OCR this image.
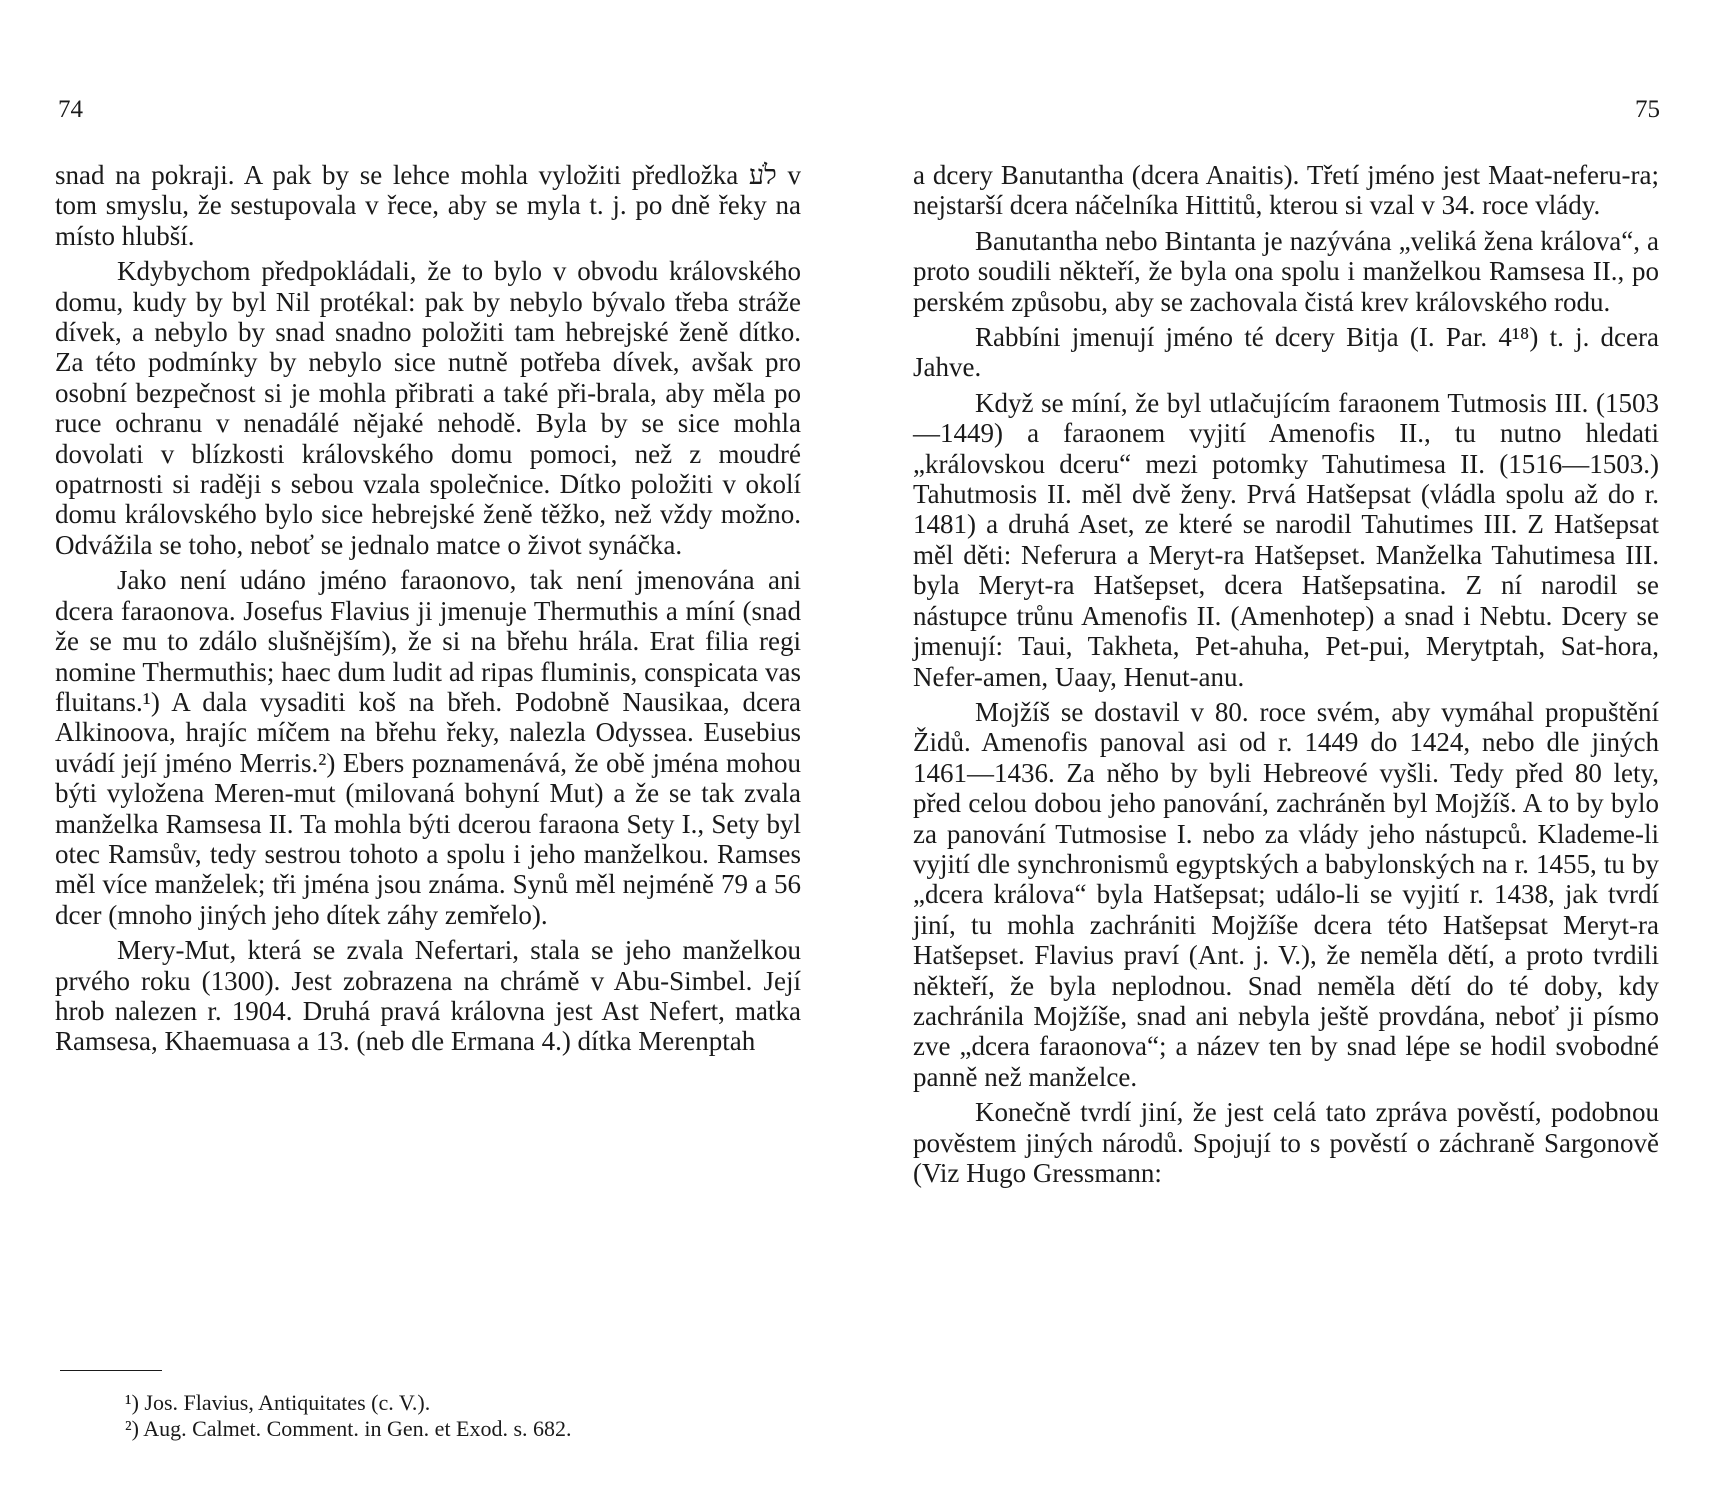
74

snad na pokraji. A pak by se lehce mohla vyložiti předložka לֹע v tom smyslu, že sestupovala v řece, aby se myla t. j. po dně řeky na místo hlubší.

Kdybychom předpokládali, že to bylo v obvodu královského domu, kudy by byl Nil protékal: pak by nebylo bývalo třeba stráže dívek, a nebylo by snad snadno položiti tam hebrejské ženě dítko. Za této podmínky by nebylo sice nutně potřeba dívek, avšak pro osobní bezpečnost si je mohla přibrati a také při-brala, aby měla po ruce ochranu v nenadálé nějaké nehodě. Byla by se sice mohla dovolati v blízkosti královského domu pomoci, než z moudré opatrnosti si raději s sebou vzala společnice. Dítko položiti v okolí domu královského bylo sice hebrejské ženě těžko, než vždy možno. Odvážila se toho, neboť se jednalo matce o život synáčka.

Jako není udáno jméno faraonovo, tak není jmenována ani dcera faraonova. Josefus Flavius ji jmenuje Thermuthis a míní (snad že se mu to zdálo slušnějším), že si na břehu hrála. Erat filia regi nomine Thermuthis; haec dum ludit ad ripas fluminis, conspicata vas fluitans.¹) A dala vysaditi koš na břeh. Podobně Nausikaa, dcera Alkinoova, hrajíc míčem na břehu řeky, nalezla Odyssea. Eusebius uvádí její jméno Merris.²) Ebers poznamenává, že obě jména mohou býti vyložena Meren-mut (milovaná bohyní Mut) a že se tak zvala manželka Ramsesa II. Ta mohla býti dcerou faraona Sety I., Sety byl otec Ramsův, tedy sestrou tohoto a spolu i jeho manželkou. Ramses měl více manželek; tři jména jsou známa. Synů měl nejméně 79 a 56 dcer (mnoho jiných jeho dítek záhy zemřelo).

Mery-Mut, která se zvala Nefertari, stala se jeho manželkou prvého roku (1300). Jest zobrazena na chrámě v Abu-Simbel. Její hrob nalezen r. 1904. Druhá pravá královna jest Ast Nefert, matka Ramsesa, Khaemuasa a 13. (neb dle Ermana 4.) dítka Merenptah

¹) Jos. Flavius, Antiquitates (c. V.).

²) Aug. Calmet. Comment. in Gen. et Exod. s. 682.

75

a dcery Banutantha (dcera Anaitis). Třetí jméno jest Maat-neferu-ra; nejstarší dcera náčelníka Hittitů, kterou si vzal v 34. roce vlády.

Banutantha nebo Bintanta je nazývána „veliká žena králova“, a proto soudili někteří, že byla ona spolu i manželkou Ramsesa II., po perském způsobu, aby se zachovala čistá krev královského rodu.

Rabbíni jmenují jméno té dcery Bitja (I. Par. 4¹⁸) t. j. dcera Jahve.

Když se míní, že byl utlačujícím faraonem Tutmosis III. (1503—1449) a faraonem vyjití Amenofis II., tu nutno hledati „královskou dceru“ mezi potomky Tahutimesa II. (1516—1503.) Tahutmosis II. měl dvě ženy. Prvá Hatšepsat (vládla spolu až do r. 1481) a druhá Aset, ze které se narodil Tahutimes III. Z Hatšepsat měl děti: Neferura a Meryt-ra Hatšepset. Manželka Tahutimesa III. byla Meryt-ra Hatšepset, dcera Hatšepsatina. Z ní narodil se nástupce trůnu Amenofis II. (Amenhotep) a snad i Nebtu. Dcery se jmenují: Taui, Takheta, Pet-ahuha, Pet-pui, Merytptah, Sat-hora, Nefer-amen, Uaay, Henut-anu.

Mojžíš se dostavil v 80. roce svém, aby vymáhal propuštění Židů. Amenofis panoval asi od r. 1449 do 1424, nebo dle jiných 1461—1436. Za něho by byli Hebreové vyšli. Tedy před 80 lety, před celou dobou jeho panování, zachráněn byl Mojžíš. A to by bylo za panování Tutmosise I. nebo za vlády jeho nástupců. Klademe-li vyjití dle synchronismů egyptských a babylonských na r. 1455, tu by „dcera králova“ byla Hatšepsat; událo-li se vyjití r. 1438, jak tvrdí jiní, tu mohla zachrániti Mojžíše dcera této Hatšepsat Meryt-ra Hatšepset. Flavius praví (Ant. j. V.), že neměla dětí, a proto tvrdili někteří, že byla neplodnou. Snad neměla dětí do té doby, kdy zachránila Mojžíše, snad ani nebyla ještě provdána, neboť ji písmo zve „dcera faraonova“; a název ten by snad lépe se hodil svobodné panně než manželce.

Konečně tvrdí jiní, že jest celá tato zpráva pověstí, podobnou pověstem jiných národů. Spojují to s pověstí o záchraně Sargonově (Viz Hugo Gressmann:
